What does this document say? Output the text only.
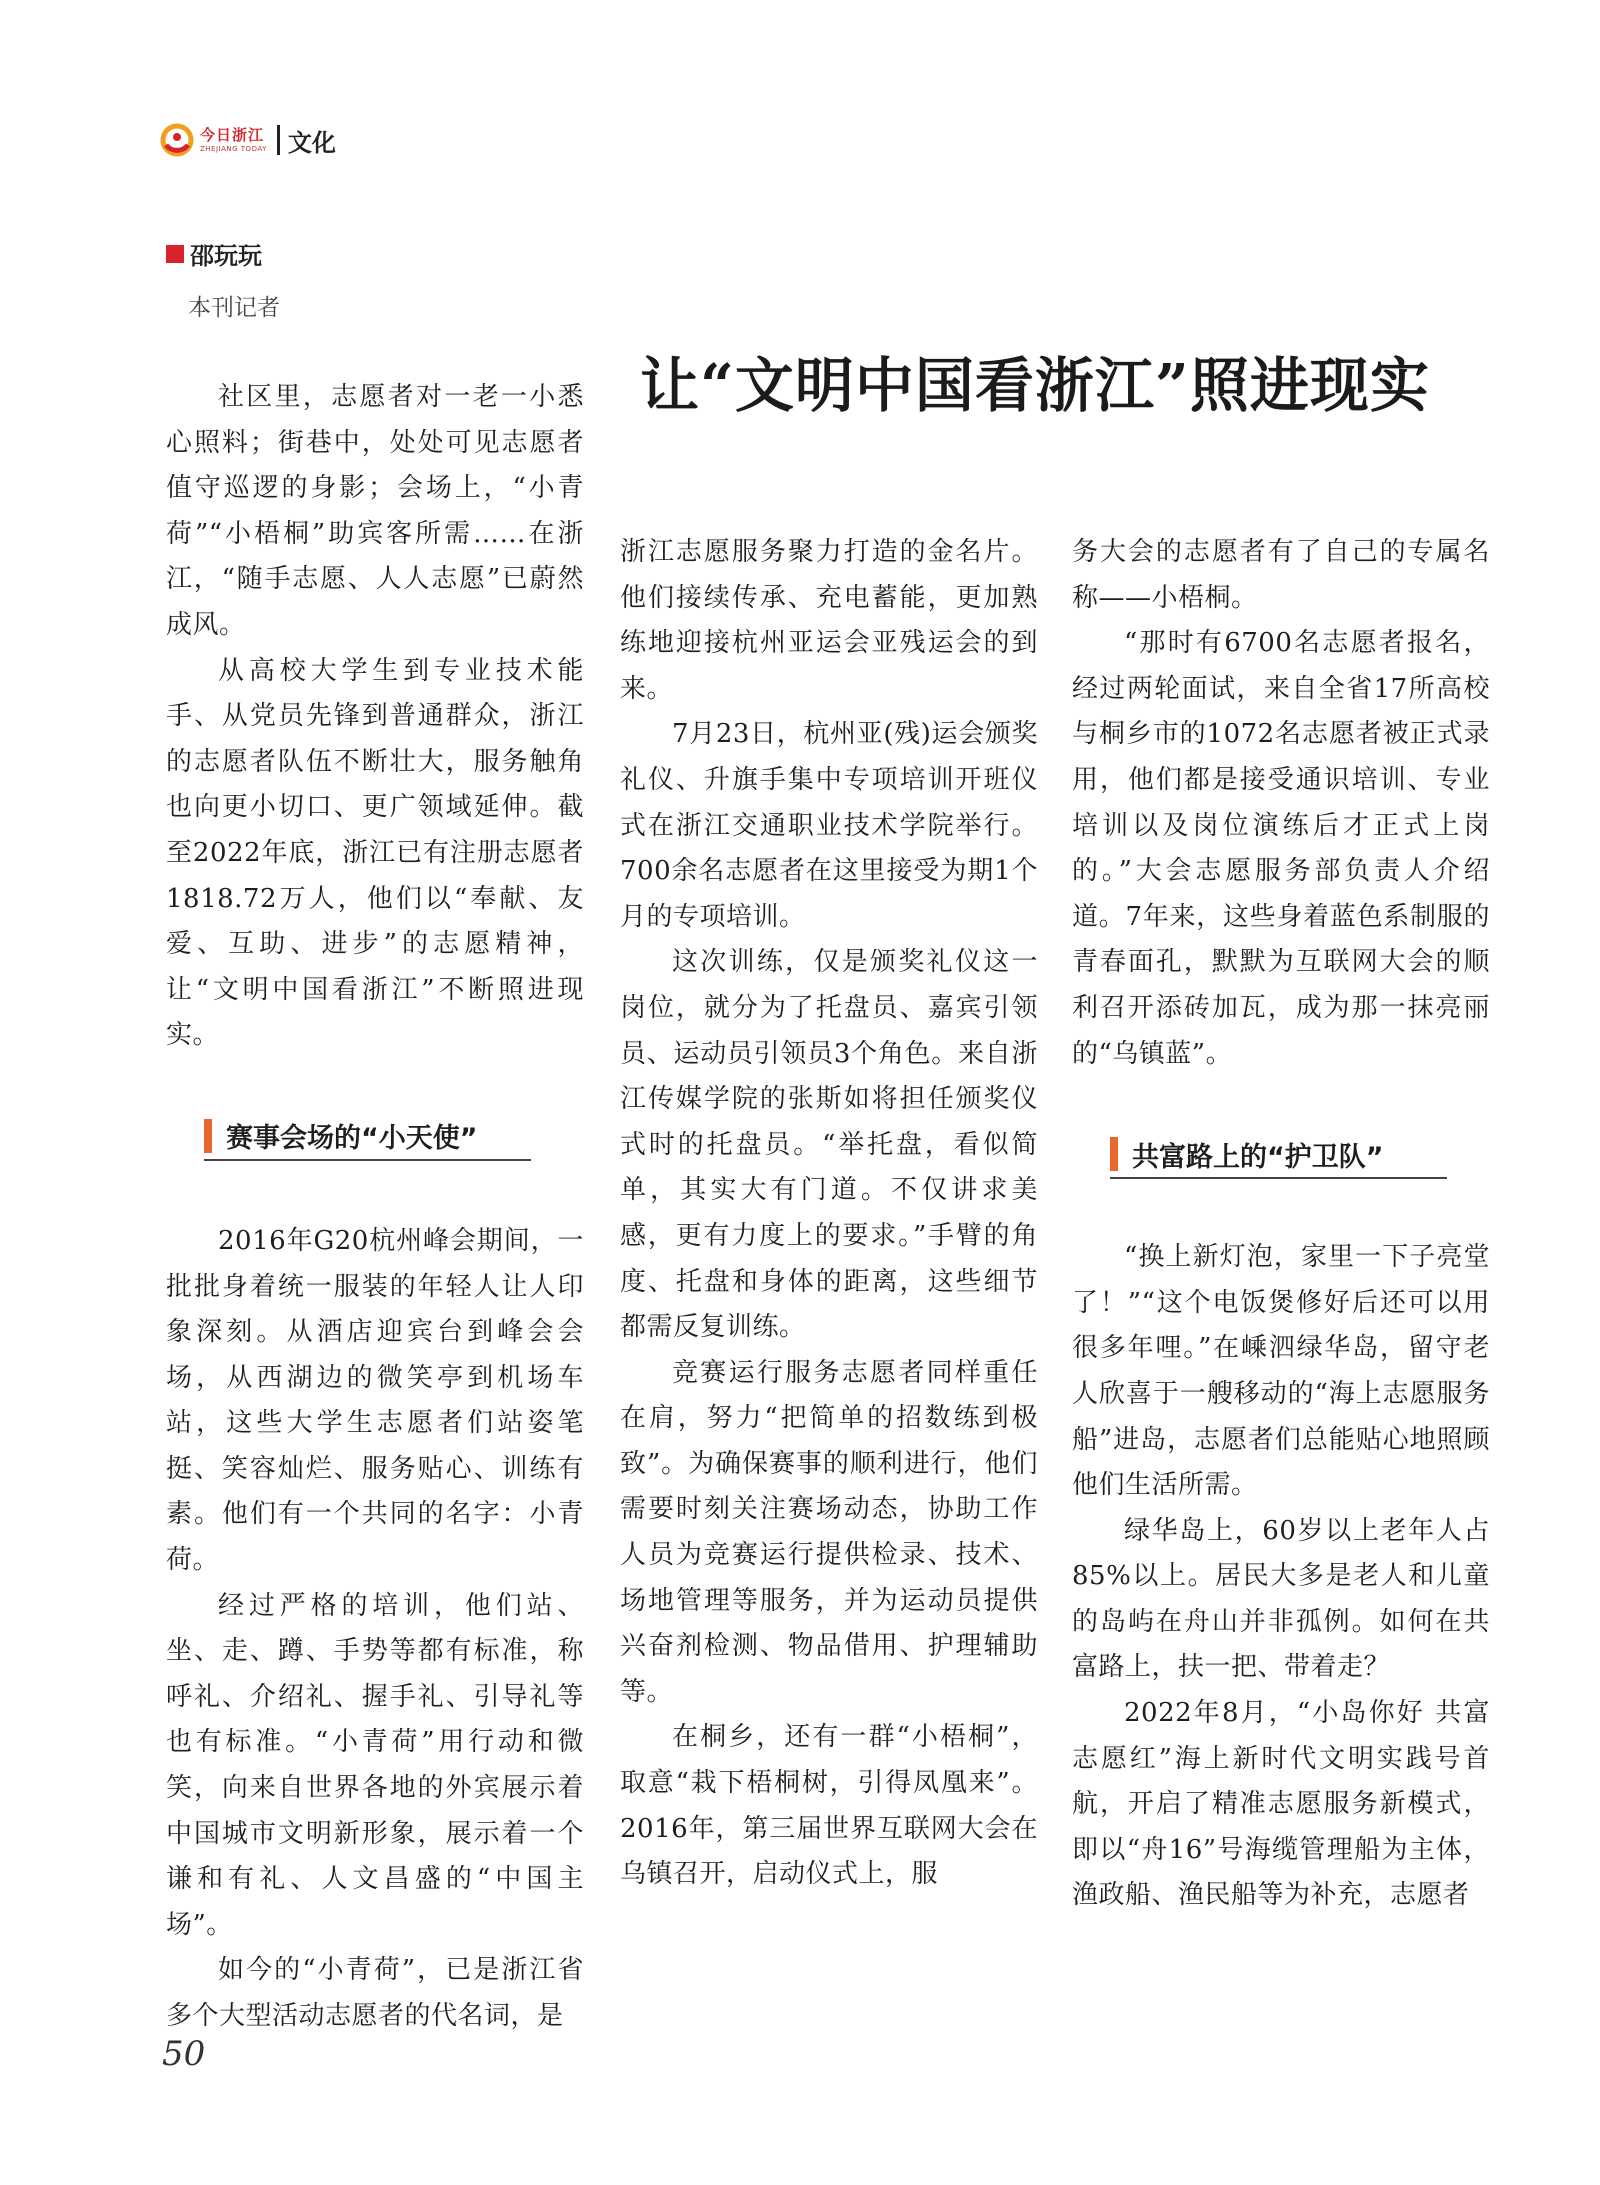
今日浙江
ZHEJIANG TODAY 文化
邵玩玩
本刊记者
让“文明中国看浙江”照进现实

社区里，志愿者对一老一小悉心照料；街巷中，处处可见志愿者值守巡逻的身影；会场上，“小青荷”“小梧桐”助宾客所需……在浙江，“随手志愿、人人志愿”已蔚然成风。

从高校大学生到专业技术能手、从党员先锋到普通群众，浙江的志愿者队伍不断壮大，服务触角也向更小切口、更广领域延伸。截至2022年底，浙江已有注册志愿者1818.72万人，他们以“奉献、友爱、互助、进步”的志愿精神，让“文明中国看浙江”不断照进现实。

赛事会场的“小天使”

2016年G20杭州峰会期间，一批批身着统一服装的年轻人让人印象深刻。从酒店迎宾台到峰会会场，从西湖边的微笑亭到机场车站，这些大学生志愿者们站姿笔挺、笑容灿烂、服务贴心、训练有素。他们有一个共同的名字：小青荷。

经过严格的培训，他们站、坐、走、蹲、手势等都有标准，称呼礼、介绍礼、握手礼、引导礼等也有标准。“小青荷”用行动和微笑，向来自世界各地的外宾展示着中国城市文明新形象，展示着一个谦和有礼、人文昌盛的“中国主场”。

如今的“小青荷”，已是浙江省多个大型活动志愿者的代名词，是

浙江志愿服务聚力打造的金名片。他们接续传承、充电蓄能，更加熟练地迎接杭州亚运会亚残运会的到来。

7月23日，杭州亚(残)运会颁奖礼仪、升旗手集中专项培训开班仪式在浙江交通职业技术学院举行。700余名志愿者在这里接受为期1个月的专项培训。

这次训练，仅是颁奖礼仪这一岗位，就分为了托盘员、嘉宾引领员、运动员引领员3个角色。来自浙江传媒学院的张斯如将担任颁奖仪式时的托盘员。“举托盘，看似简单，其实大有门道。不仅讲求美感，更有力度上的要求。”手臂的角度、托盘和身体的距离，这些细节都需反复训练。

竞赛运行服务志愿者同样重任在肩，努力“把简单的招数练到极致”。为确保赛事的顺利进行，他们需要时刻关注赛场动态，协助工作人员为竞赛运行提供检录、技术、场地管理等服务，并为运动员提供兴奋剂检测、物品借用、护理辅助等。

在桐乡，还有一群“小梧桐”，取意“栽下梧桐树，引得凤凰来”。2016年，第三届世界互联网大会在乌镇召开，启动仪式上，服

务大会的志愿者有了自己的专属名称——小梧桐。

“那时有6700名志愿者报名，经过两轮面试，来自全省17所高校与桐乡市的1072名志愿者被正式录用，他们都是接受通识培训、专业培训以及岗位演练后才正式上岗的。”大会志愿服务部负责人介绍道。7年来，这些身着蓝色系制服的青春面孔，默默为互联网大会的顺利召开添砖加瓦，成为那一抹亮丽的“乌镇蓝”。

共富路上的“护卫队”

“换上新灯泡，家里一下子亮堂了！”“这个电饭煲修好后还可以用很多年哩。”在嵊泗绿华岛，留守老人欣喜于一艘移动的“海上志愿服务船”进岛，志愿者们总能贴心地照顾他们生活所需。

绿华岛上，60岁以上老年人占85%以上。居民大多是老人和儿童的岛屿在舟山并非孤例。如何在共富路上，扶一把、带着走？

2022年8月，“小岛你好 共富志愿红”海上新时代文明实践号首航，开启了精准志愿服务新模式，即以“舟16”号海缆管理船为主体，渔政船、渔民船等为补充，志愿者

50
